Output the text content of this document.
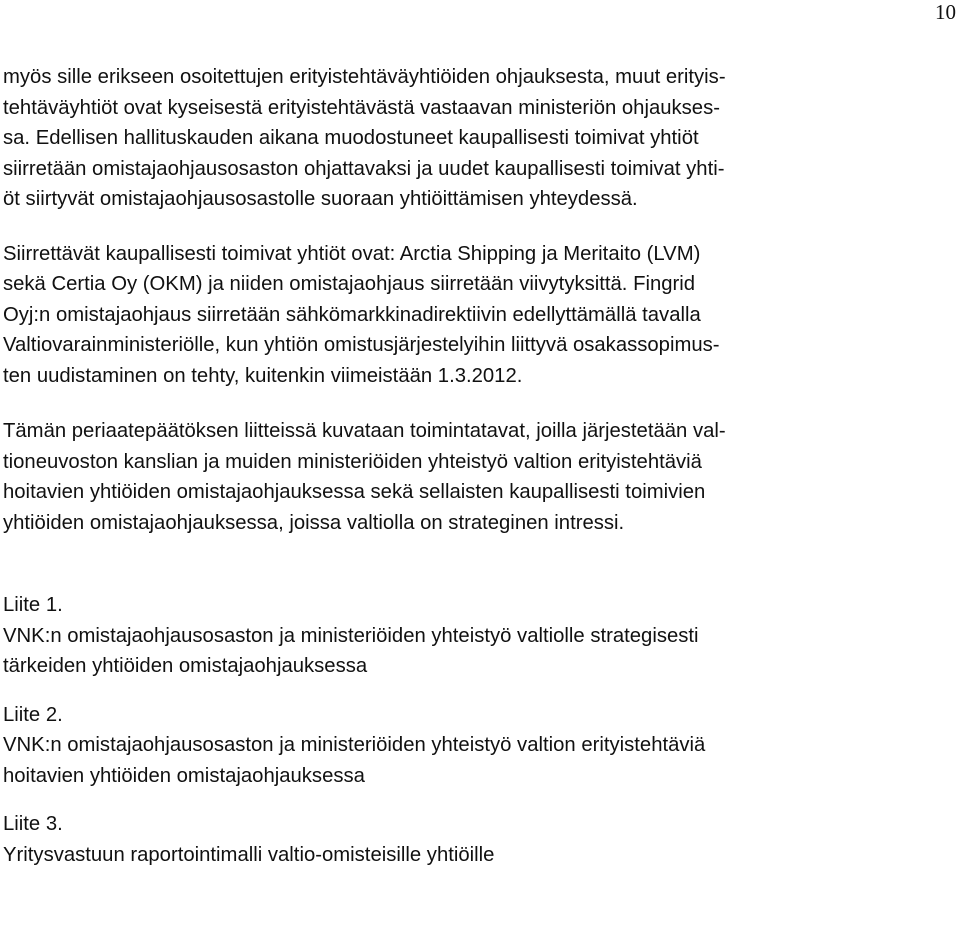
10

myös sille erikseen osoitettujen erityistehtäväyhtiöiden ohjauksesta, muut erityis-
tehtäväyhtiöt ovat kyseisestä erityistehtävästä vastaavan ministeriön ohjaukses-
sa. Edellisen hallituskauden aikana muodostuneet kaupallisesti toimivat yhtiöt
siirretään omistajaohjausosaston ohjattavaksi ja uudet kaupallisesti toimivat yhti-
öt siirtyvät omistajaohjausosastolle suoraan yhtiöittämisen yhteydessä.

Siirrettävät kaupallisesti toimivat yhtiöt ovat: Arctia Shipping ja Meritaito (LVM)
sekä Certia Oy (OKM) ja niiden omistajaohjaus siirretään viivytyksittä. Fingrid
Oyj:n omistajaohjaus siirretään sähkömarkkinadirektiivin edellyttämällä tavalla
Valtiovarainministeriölle, kun yhtiön omistusjärjestelyihin liittyvä osakassopimus-
ten uudistaminen on tehty, kuitenkin viimeistään 1.3.2012.

Tämän periaatepäätöksen liitteissä kuvataan toimintatavat, joilla järjestetään val-
tioneuvoston kanslian ja muiden ministeriöiden yhteistyö valtion erityistehtäviä
hoitavien yhtiöiden omistajaohjauksessa sekä sellaisten kaupallisesti toimivien
yhtiöiden omistajaohjauksessa, joissa valtiolla on strateginen intressi.

Liite 1.
VNK:n omistajaohjausosaston ja ministeriöiden yhteistyö valtiolle strategisesti
tärkeiden yhtiöiden omistajaohjauksessa
Liite 2.
VNK:n omistajaohjausosaston ja ministeriöiden yhteistyö valtion erityistehtäviä
hoitavien yhtiöiden omistajaohjauksessa
Liite 3.
Yritysvastuun raportointimalli valtio-omisteisille yhtiöille
